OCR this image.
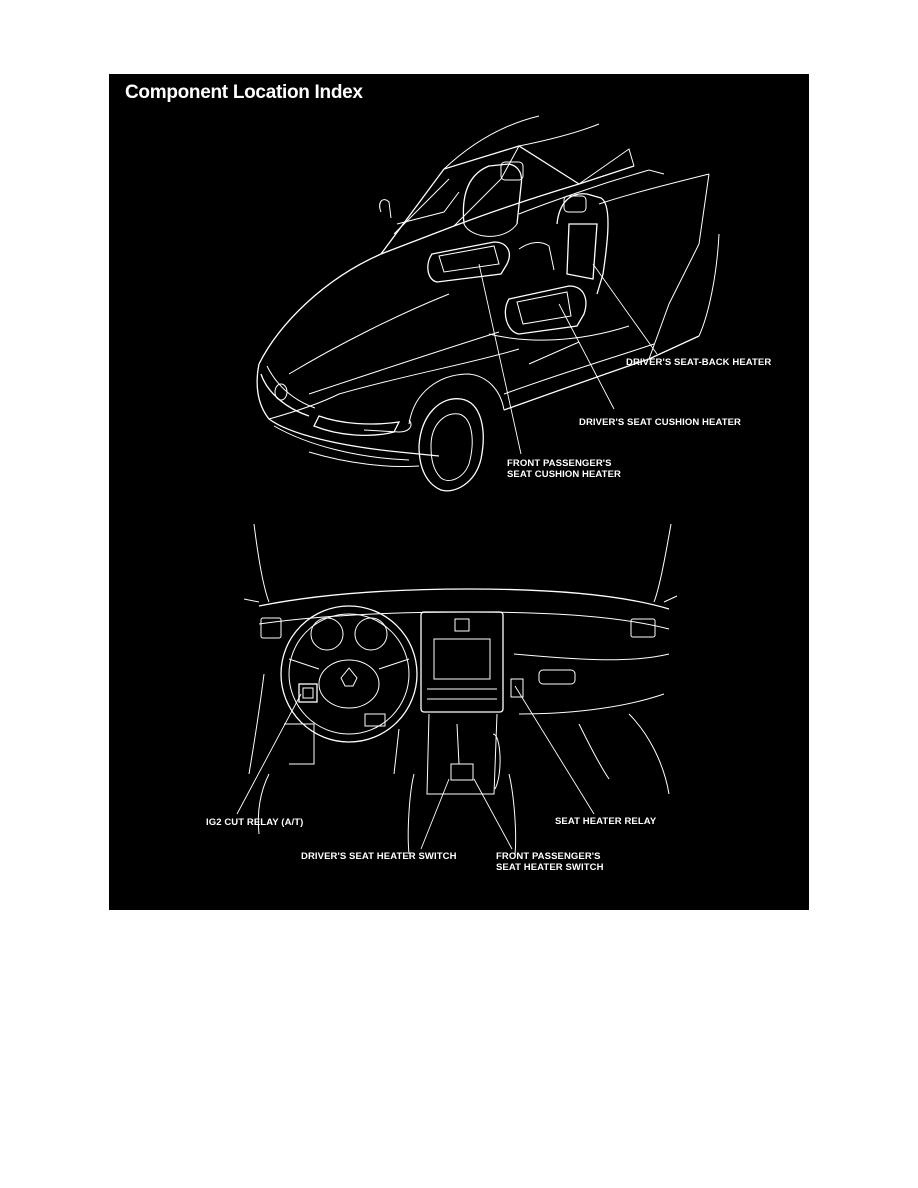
Component Location Index
DRIVER'S SEAT-BACK HEATER
DRIVER'S SEAT CUSHION HEATER
FRONT PASSENGER'S
SEAT CUSHION HEATER
IG2 CUT RELAY (A/T)	SEAT HEATER RELAY
DRIVER'S SEAT HEATER SWITCH	FRONT PASSENGER'S
SEAT HEATER SWITCH
